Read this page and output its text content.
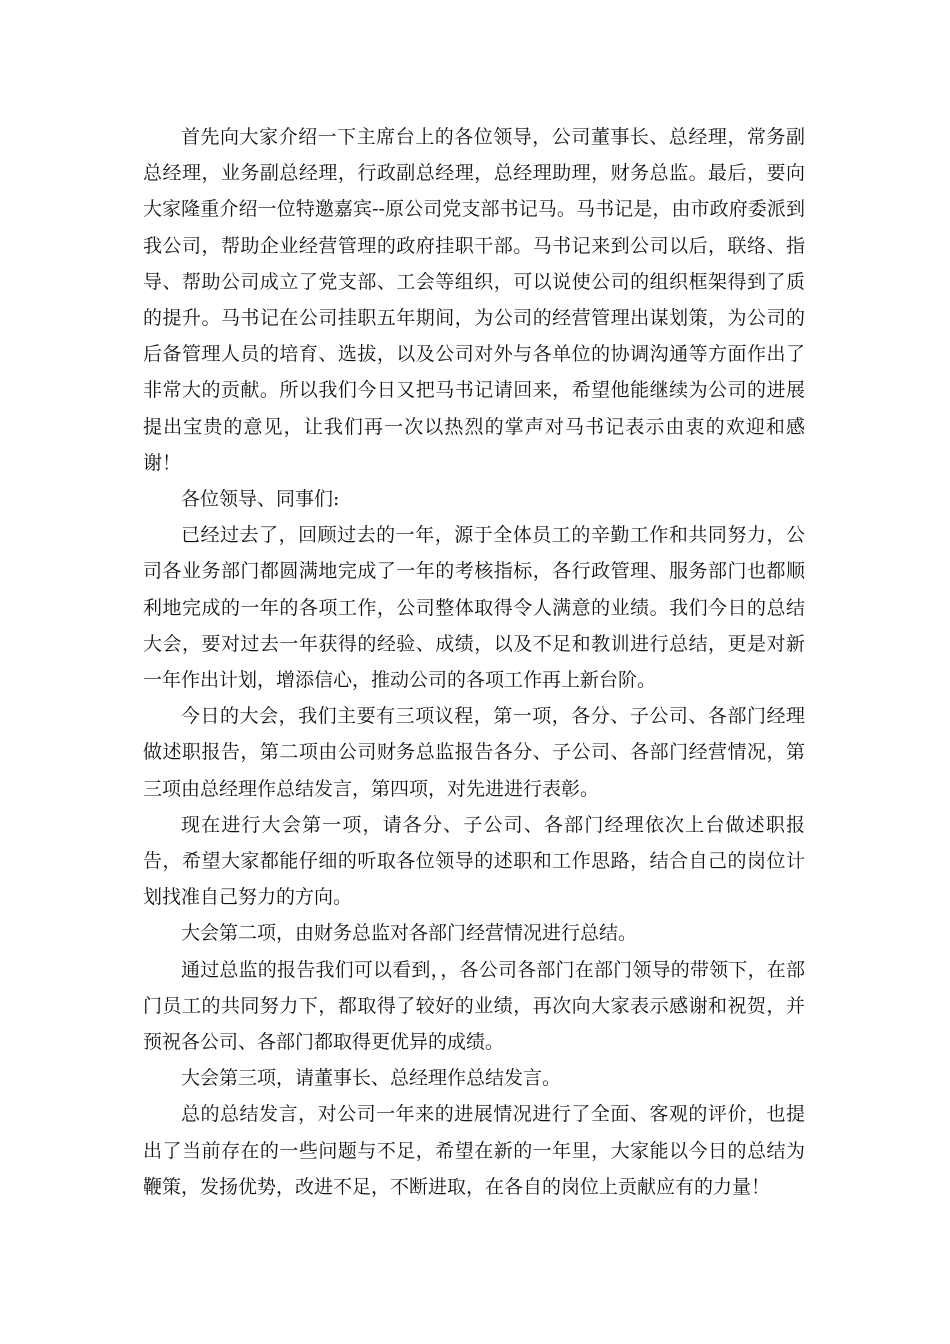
首先向大家介绍一下主席台上的各位领导，公司董事长、总经理，常务副总经理，业务副总经理，行政副总经理，总经理助理，财务总监。最后，要向大家隆重介绍一位特邀嘉宾--原公司党支部书记马。马书记是，由市政府委派到我公司，帮助企业经营管理的政府挂职干部。马书记来到公司以后，联络、指导、帮助公司成立了党支部、工会等组织，可以说使公司的组织框架得到了质的提升。马书记在公司挂职五年期间，为公司的经营管理出谋划策，为公司的后备管理人员的培育、选拔，以及公司对外与各单位的协调沟通等方面作出了非常大的贡献。所以我们今日又把马书记请回来，希望他能继续为公司的进展提出宝贵的意见，让我们再一次以热烈的掌声对马书记表示由衷的欢迎和感谢！

各位领导、同事们:

已经过去了，回顾过去的一年，源于全体员工的辛勤工作和共同努力，公司各业务部门都圆满地完成了一年的考核指标，各行政管理、服务部门也都顺利地完成的一年的各项工作，公司整体取得令人满意的业绩。我们今日的总结大会，要对过去一年获得的经验、成绩，以及不足和教训进行总结，更是对新一年作出计划，增添信心，推动公司的各项工作再上新台阶。

今日的大会，我们主要有三项议程，第一项，各分、子公司、各部门经理做述职报告，第二项由公司财务总监报告各分、子公司、各部门经营情况，第三项由总经理作总结发言，第四项，对先进进行表彰。

现在进行大会第一项，请各分、子公司、各部门经理依次上台做述职报告，希望大家都能仔细的听取各位领导的述职和工作思路，结合自己的岗位计划找准自己努力的方向。

大会第二项，由财务总监对各部门经营情况进行总结。

通过总监的报告我们可以看到，，各公司各部门在部门领导的带领下，在部门员工的共同努力下，都取得了较好的业绩，再次向大家表示感谢和祝贺，并预祝各公司、各部门都取得更优异的成绩。

大会第三项，请董事长、总经理作总结发言。

总的总结发言，对公司一年来的进展情况进行了全面、客观的评价，也提出了当前存在的一些问题与不足，希望在新的一年里，大家能以今日的总结为鞭策，发扬优势，改进不足，不断进取，在各自的岗位上贡献应有的力量！
